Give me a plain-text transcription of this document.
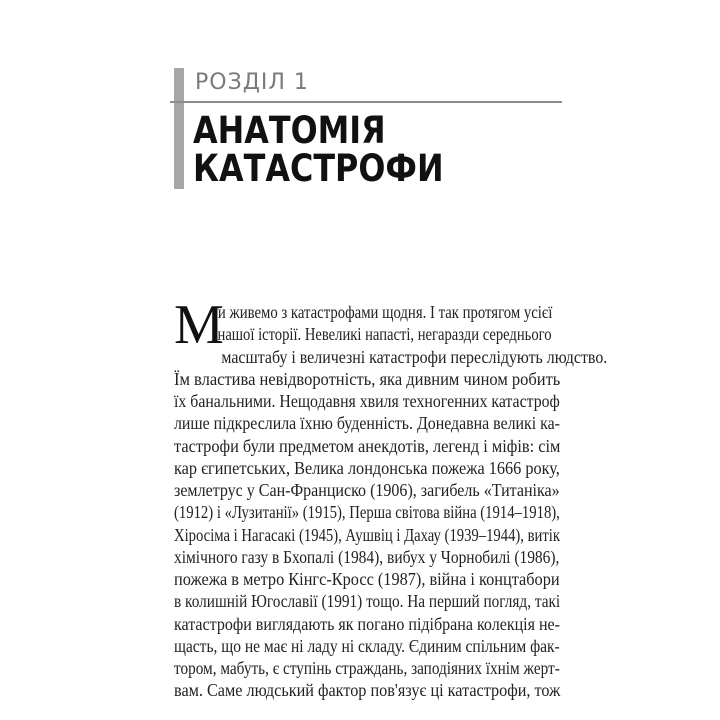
РОЗДІЛ 1
АНАТОМІЯ
КАТАСТРОФИ
М
и живемо з катастрофами щодня. І так протягом усієї
нашої історії. Невеликі напасті, негаразди середнього
масштабу і величезні катастрофи переслідують людство.
Їм властива невідворотність, яка дивним чином робить
їх банальними. Нещодавня хвиля техногенних катастроф
лише підкреслила їхню буденність. Донедавна великі ка-
тастрофи були предметом анекдотів, легенд і міфів: сім
кар єгипетських, Велика лондонська пожежа 1666 року,
землетрус у Сан-Франциско (1906), загибель «Титаніка»
(1912) і «Лузитанії» (1915), Перша світова війна (1914–1918),
Хіросіма і Нагасакі (1945), Аушвіц і Дахау (1939–1944), витік
хімічного газу в Бхопалі (1984), вибух у Чорнобилі (1986),
пожежа в метро Кінгс-Кросс (1987), війна і концтабори
в колишній Югославії (1991) тощо. На перший погляд, такі
катастрофи виглядають як погано підібрана колекція не-
щасть, що не має ні ладу ні складу. Єдиним спільним фак-
тором, мабуть, є ступінь страждань, заподіяних їхнім жерт-
вам. Саме людський фактор пов'язує ці катастрофи, тож
